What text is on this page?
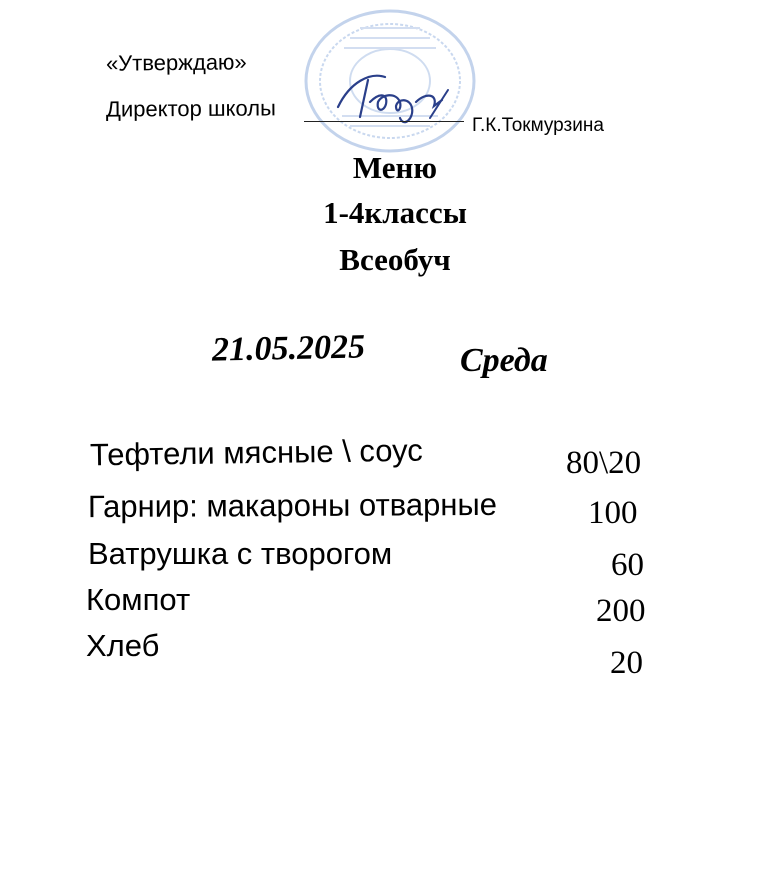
«Утверждаю»
Директор школы
Г.К.Токмурзина
Меню
1-4классы
Всеобуч
21.05.2025	Среда
Тефтели мясные \ соус	80\20
Гарнир: макароны отварные	100
Ватрушка с творогом	60
Компот	200
Хлеб	20
